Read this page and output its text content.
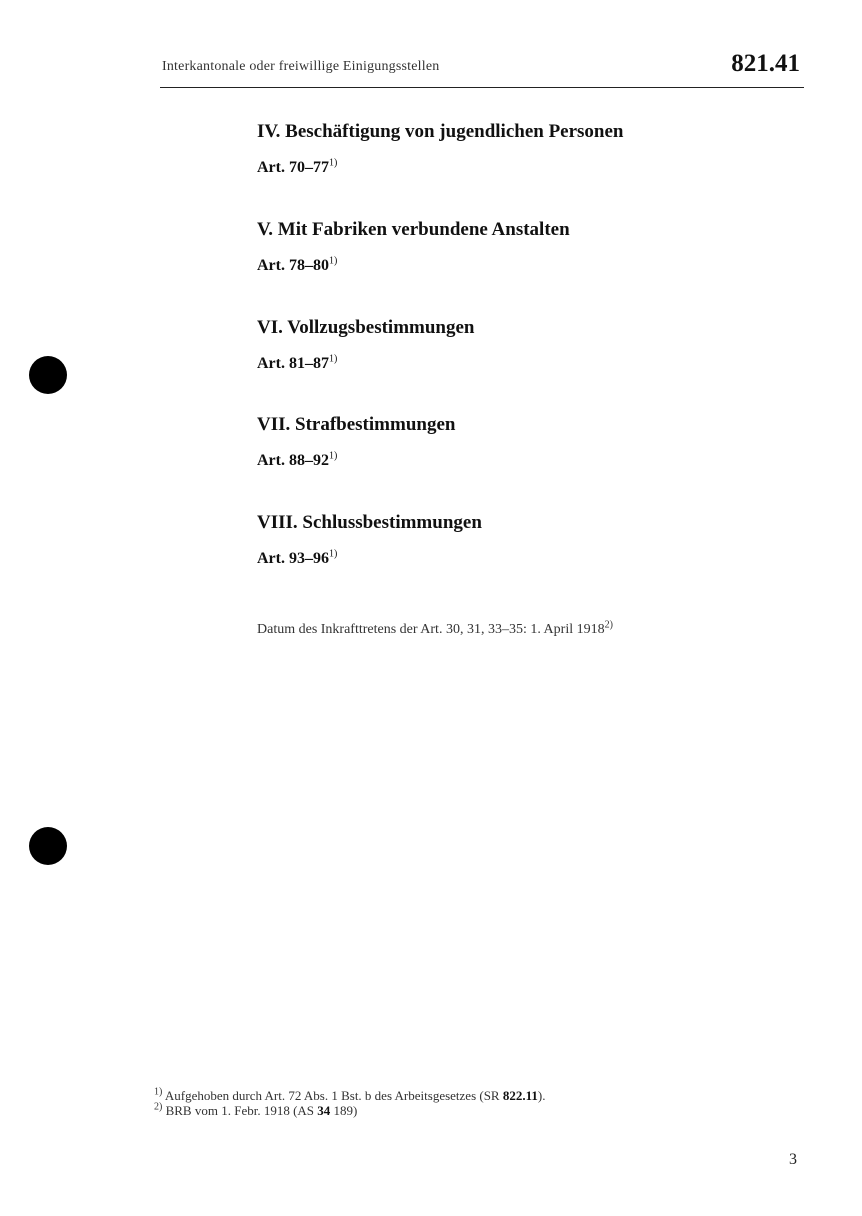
Interkantonale oder freiwillige Einigungsstellen	821.41
IV. Beschäftigung von jugendlichen Personen
Art. 70–77$^{1)}$
V. Mit Fabriken verbundene Anstalten
Art. 78–80$^{1)}$
VI. Vollzugsbestimmungen
Art. 81–87$^{1)}$
VII. Strafbestimmungen
Art. 88–92$^{1)}$
VIII. Schlussbestimmungen
Art. 93–96$^{1)}$
Datum des Inkrafttretens der Art. 30, 31, 33–35: 1. April 1918$^{2)}$
$^{1)}$ Aufgehoben durch Art. 72 Abs. 1 Bst. b des Arbeitsgesetzes (SR 822.11).
$^{2)}$ BRB vom 1. Febr. 1918 (AS 34 189)
3
